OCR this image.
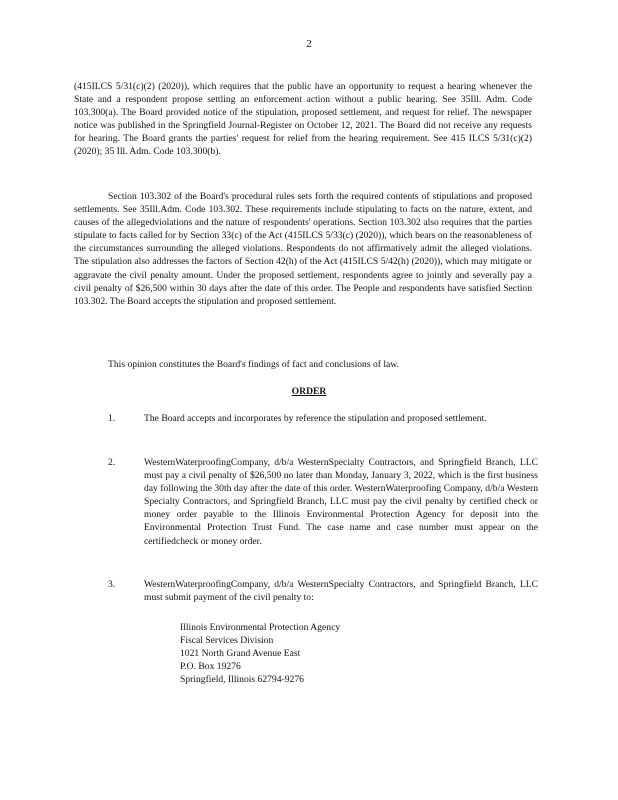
2
(415ILCS 5/31(c)(2) (2020)), which requires that the public have an opportunity to request a hearing whenever the State and a respondent propose settling an enforcement action without a public hearing. See 35Ill. Adm. Code 103.300(a). The Board provided notice of the stipulation, proposed settlement, and request for relief. The newspaper notice was published in the Springfield Journal-Register on October 12, 2021. The Board did not receive any requests for hearing. The Board grants the parties' request for relief from the hearing requirement. See 415 ILCS 5/31(c)(2) (2020); 35 Ill. Adm. Code 103.300(b).
Section 103.302 of the Board's procedural rules sets forth the required contents of stipulations and proposed settlements. See 35Ill.Adm. Code 103.302. These requirements include stipulating to facts on the nature, extent, and causes of the allegedviolations and the nature of respondents' operations. Section 103.302 also requires that the parties stipulate to facts called for by Section 33(c) of the Act (415ILCS 5/33(c) (2020)), which bears on the reasonableness of the circumstances surrounding the alleged violations. Respondents do not affirmatively admit the alleged violations. The stipulation also addresses the factors of Section 42(h) of the Act (415ILCS 5/42(h) (2020)), which may mitigate or aggravate the civil penalty amount. Under the proposed settlement, respondents agree to jointly and severally pay a civil penalty of $26,500 within 30 days after the date of this order. The People and respondents have satisfied Section 103.302. The Board accepts the stipulation and proposed settlement.
This opinion constitutes the Board's findings of fact and conclusions of law.
ORDER
1.	The Board accepts and incorporates by reference the stipulation and proposed settlement.
2.	WesternWaterproofingCompany, d/b/a WesternSpecialty Contractors, and Springfield Branch, LLC must pay a civil penalty of $26,500 no later than Monday, January 3, 2022, which is the first business day following the 30th day after the date of this order. WesternWaterproofing Company, d/b/a Western Specialty Contractors, and Springfield Branch, LLC must pay the civil penalty by certified check or money order payable to the Illinois Environmental Protection Agency for deposit into the Environmental Protection Trust Fund. The case name and case number must appear on the certifiedcheck or money order.
3.	WesternWaterproofingCompany, d/b/a WesternSpecialty Contractors, and Springfield Branch, LLC must submit payment of the civil penalty to:
Illinois Environmental Protection Agency
Fiscal Services Division
1021 North Grand Avenue East
P.O. Box 19276
Springfield, Illinois 62794-9276
